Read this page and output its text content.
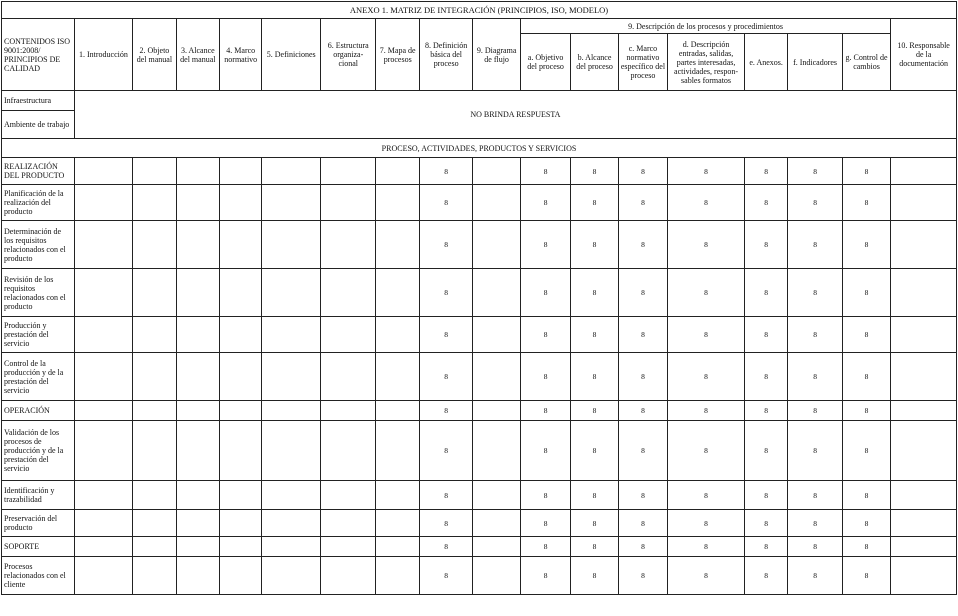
ANEXO 1. MATRIZ DE INTEGRACIÓN (PRINCIPIOS, ISO, MODELO)																	
CONTENIDOS ISO 9001:2008/ PRINCIPIOS DE CALIDAD	1. Introducción	2. Objeto del manual	3. Alcance del manual	4. Marco normativo	5. Definiciones	6. Estructura organiza- cional	7. Mapa de procesos	8. Definición básica del proceso	9. Diagrama de flujo	9. Descripción de los procesos y procedimientos							10. Responsable de la documentación
										a. Objetivo del proceso	b. Alcance del proceso	c. Marco normativo específico del proceso	d. Descripción entradas, salidas, partes interesadas, actividades, respon- sables formatos	e. Anexos.	f. Indicadores	g. Control de cambios	
Infraestructura	NO BRINDA RESPUESTA																
Ambiente de trabajo																	
PROCESO, ACTIVIDADES, PRODUCTOS Y SERVICIOS																	
REALIZACIÓN DEL PRODUCTO								8		8	8	8	8	8	8	8	
Planificación de la realización del producto								8		8	8	8	8	8	8	8	
Determinación de los requisitos relacionados con el producto								8		8	8	8	8	8	8	8	
Revisión de los requisitos relacionados con el producto								8		8	8	8	8	8	8	8	
Producción y prestación del servicio								8		8	8	8	8	8	8	8	
Control de la producción y de la prestación del servicio								8		8	8	8	8	8	8	8	
OPERACIÓN								8		8	8	8	8	8	8	8	
Validación de los procesos de producción y de la prestación del servicio								8		8	8	8	8	8	8	8	
Identificación y trazabilidad								8		8	8	8	8	8	8	8	
Preservación del producto								8		8	8	8	8	8	8	8	
SOPORTE								8		8	8	8	8	8	8	8	
Procesos relacionados con el cliente								8		8	8	8	8	8	8	8	
